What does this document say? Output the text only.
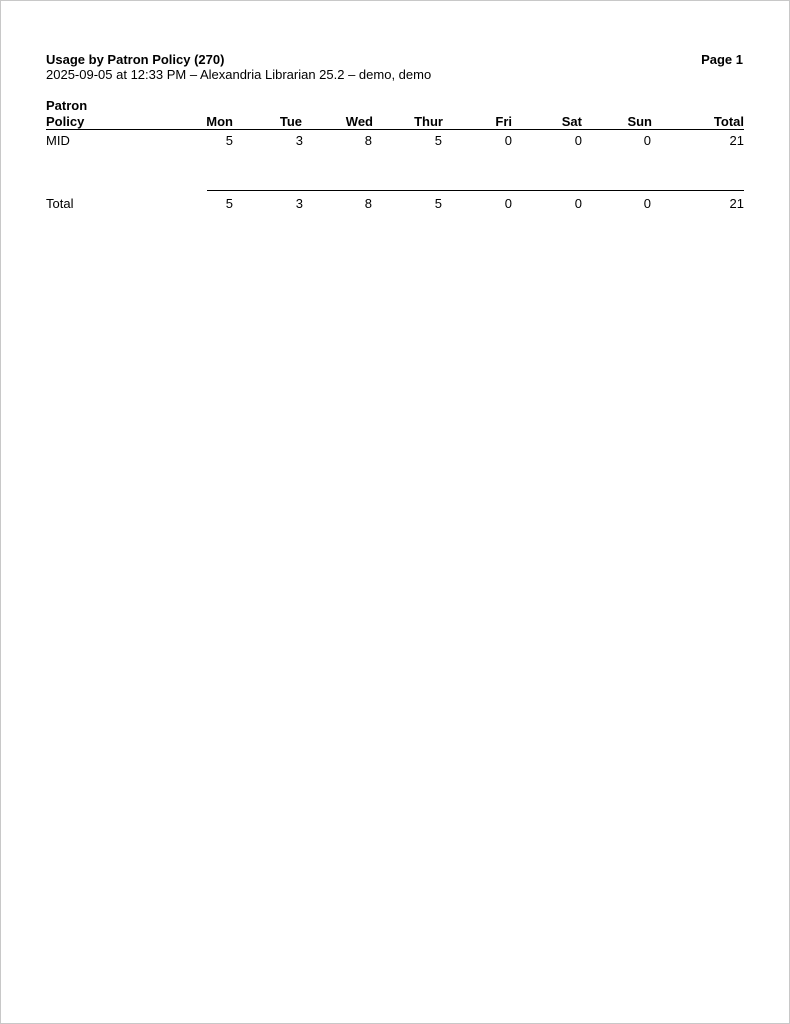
Usage by Patron Policy (270)
2025-09-05 at 12:33 PM – Alexandria Librarian 25.2 – demo, demo
Page 1
Patron
Policy	Mon	Tue	Wed	Thur	Fri	Sat	Sun	Total
MID	5	3	8	5	0	0	0	21
Total	5	3	8	5	0	0	0	21
